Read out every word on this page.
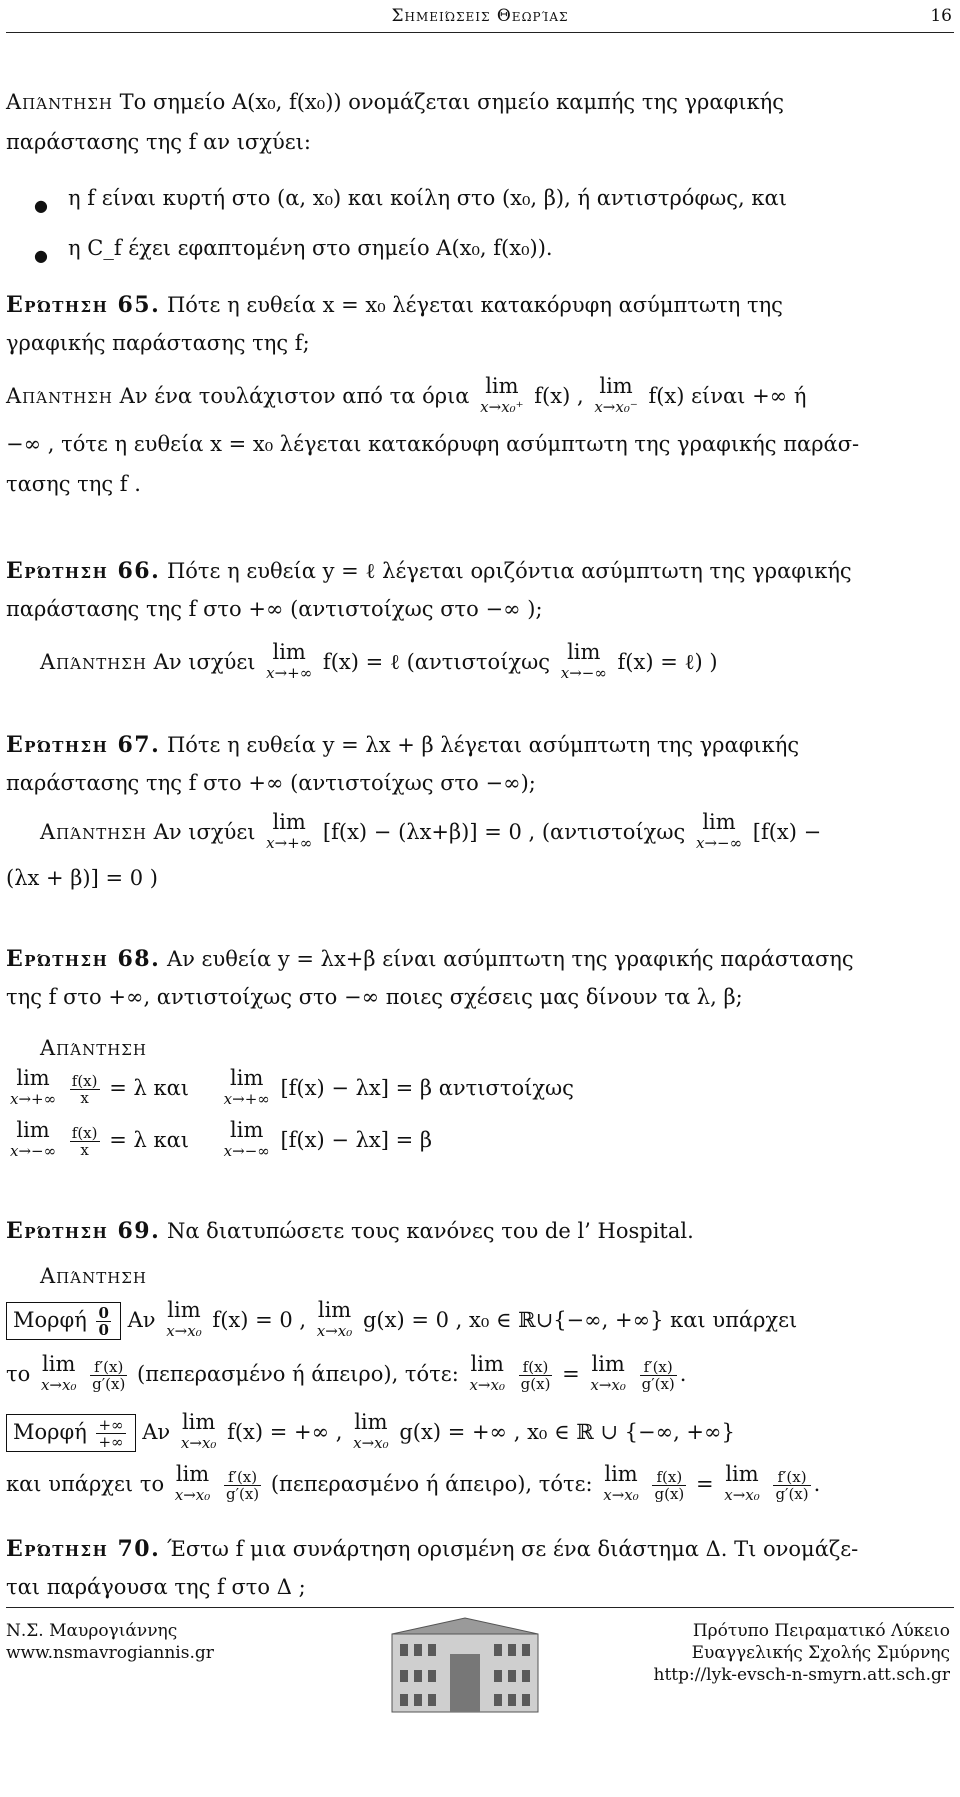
Σημειώσεις Θεωρίας	16
Απάντηση Το σημείο A(x₀, f(x₀)) ονομάζεται σημείο καμπής της γραφικής
παράστασης της f αν ισχύει:
● η f είναι κυρτή στο (α, x₀) και κοίλη στο (x₀, β), ή αντιστρόφως, και
● η C_f έχει εφαπτομένη στο σημείο A(x₀, f(x₀)).
Ερώτηση 65. Πότε η ευθεία x = x₀ λέγεται κατακόρυφη ασύμπτωτη της
γραφικής παράστασης της f;
Απάντηση Αν ένα τουλάχιστον από τα όρια lim
x→x₀⁺ f(x) , lim
x→x₀⁻ f(x) είναι +∞ ή
−∞ , τότε η ευθεία x = x₀ λέγεται κατακόρυφη ασύμπτωτη της γραφικής παράσ-
τασης της f .
Ερώτηση 66. Πότε η ευθεία y = ℓ λέγεται οριζόντια ασύμπτωτη της γραφικής
παράστασης της f στο +∞ (αντιστοίχως στο −∞ );
Απάντηση Αν ισχύει lim
x→+∞ f(x) = ℓ (αντιστοίχως lim
x→−∞ f(x) = ℓ) )
Ερώτηση 67. Πότε η ευθεία y = λx + β λέγεται ασύμπτωτη της γραφικής
παράστασης της f στο +∞ (αντιστοίχως στο −∞);
Απάντηση Αν ισχύει lim
x→+∞ [f(x) − (λx+β)] = 0 , (αντιστοίχως lim
x→−∞ [f(x) −
(λx + β)] = 0 )
Ερώτηση 68. Αν ευθεία y = λx+β είναι ασύμπτωτη της γραφικής παράστασης
της f στο +∞, αντιστοίχως στο −∞ ποιες σχέσεις μας δίνουν τα λ, β;
Απάντηση
lim
x→+∞
$\frac{f(x)}{x} = \lambda$ και	lim
x→+∞ [f(x) − λx] = β αντιστοίχως
lim
x→−∞
$\frac{f(x)}{x} = \lambda$ και	lim
x→−∞ [f(x) − λx] = β
Ερώτηση 69. Να διατυπώσετε τους κανόνες του de l’ Hospital.
Απάντηση
Μορφή $\frac{0}{0}$ Αν lim
x→x₀ f(x) = 0 , lim
x→x₀ g(x) = 0 , x₀ ∈ ℝ∪{−∞, +∞} και υπάρχει
το lim
x→x₀
$\frac{f'(x)}{g'(x)} (\pi\varepsilon\pi\varepsilon\rho\alpha\sigma\mu έ\nu o$ ή άπειρο), τότε: lim
x→x₀
$\frac{f(x)}{g(x)} = \lim$
x→x₀
$\frac{f'(x)}{g'(x)}$ .
Μορφή $\frac{+\infty}{+\infty}$ Αν lim
x→x₀ f(x) = +∞ , lim
x→x₀ g(x) = +∞ , x₀ ∈ ℝ ∪ {−∞, +∞}
και υπάρχει το lim
x→x₀
$\frac{f'(x)}{g'(x)} (\pi\varepsilon\pi\varepsilon\rho\alpha\sigma\mu έ\nu o$ ή άπειρο), τότε: lim
x→x₀
$\frac{f(x)}{g(x)} = \lim$
x→x₀
$\frac{f'(x)}{g'(x)}$ .
Ερώτηση 70. Έστω f μια συνάρτηση ορισμένη σε ένα διάστημα Δ. Τι ονομάζε-
ται παράγουσα της f στο Δ ;
Ν.Σ. Μαυρογιάννης
www.nsmavrogiannis.gr
Πρότυπο Πειραματικό Λύκειο
Ευαγγελικής Σχολής Σμύρνης
http://lyk-evsch-n-smyrn.att.sch.gr
